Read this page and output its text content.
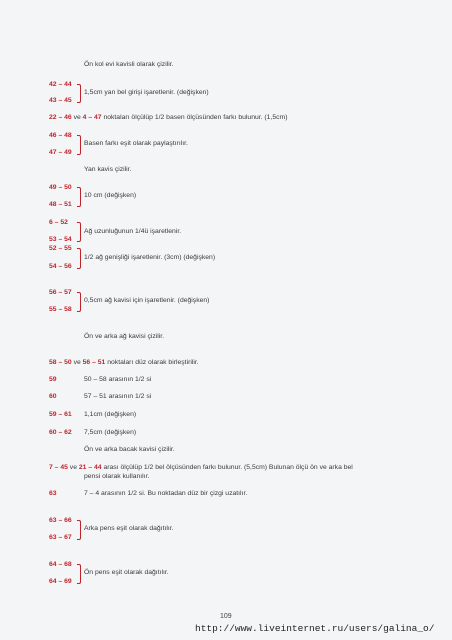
Ön kol evi kavisli olarak çizilir.
42 – 44
1,5cm yan bel girişi işaretlenir. (değişken)
43 – 45
22 – 46 ve 4 – 47 noktaları ölçülüp 1/2 basen ölçüsünden farkı bulunur. (1,5cm)
46 – 48
Basen farkı eşit olarak paylaştırılır.
47 – 49
Yan kavis çizilir.
49 – 50
10 cm (değişken)
48 – 51
6 – 52
Ağ uzunluğunun 1/4ü işaretlenir.
53 – 54
52 – 55
1/2 ağ genişliği işaretlenir. (3cm) (değişken)
54 – 56
56 – 57
0,5cm ağ kavisi için işaretlenir. (değişken)
55 – 58
Ön ve arka ağ kavisi çizilir.
58 – 50 ve 56 – 51 noktaları düz olarak birleştirilir.
59	50 – 58 arasının 1/2 si
60	57 – 51 arasının 1/2 si
59 – 61 1,1cm (değişken)
60 – 62 7,5cm (değişken)
Ön ve arka bacak kavisi çizilir.
7 – 45 ve 21 – 44 arası ölçülüp 1/2 bel ölçüsünden farkı bulunur. (5,5cm) Bulunan ölçü ön ve arka bel
pensi olarak kullanılır.
63	7 – 4 arasının 1/2 si. Bu noktadan düz bir çizgi uzatılır.
63 – 66
Arka pens eşit olarak dağıtılır.
63 – 67
64 – 68
Ön pens eşit olarak dağıtılır.
64 – 69
109
http://www.liveinternet.ru/users/galina_o/
